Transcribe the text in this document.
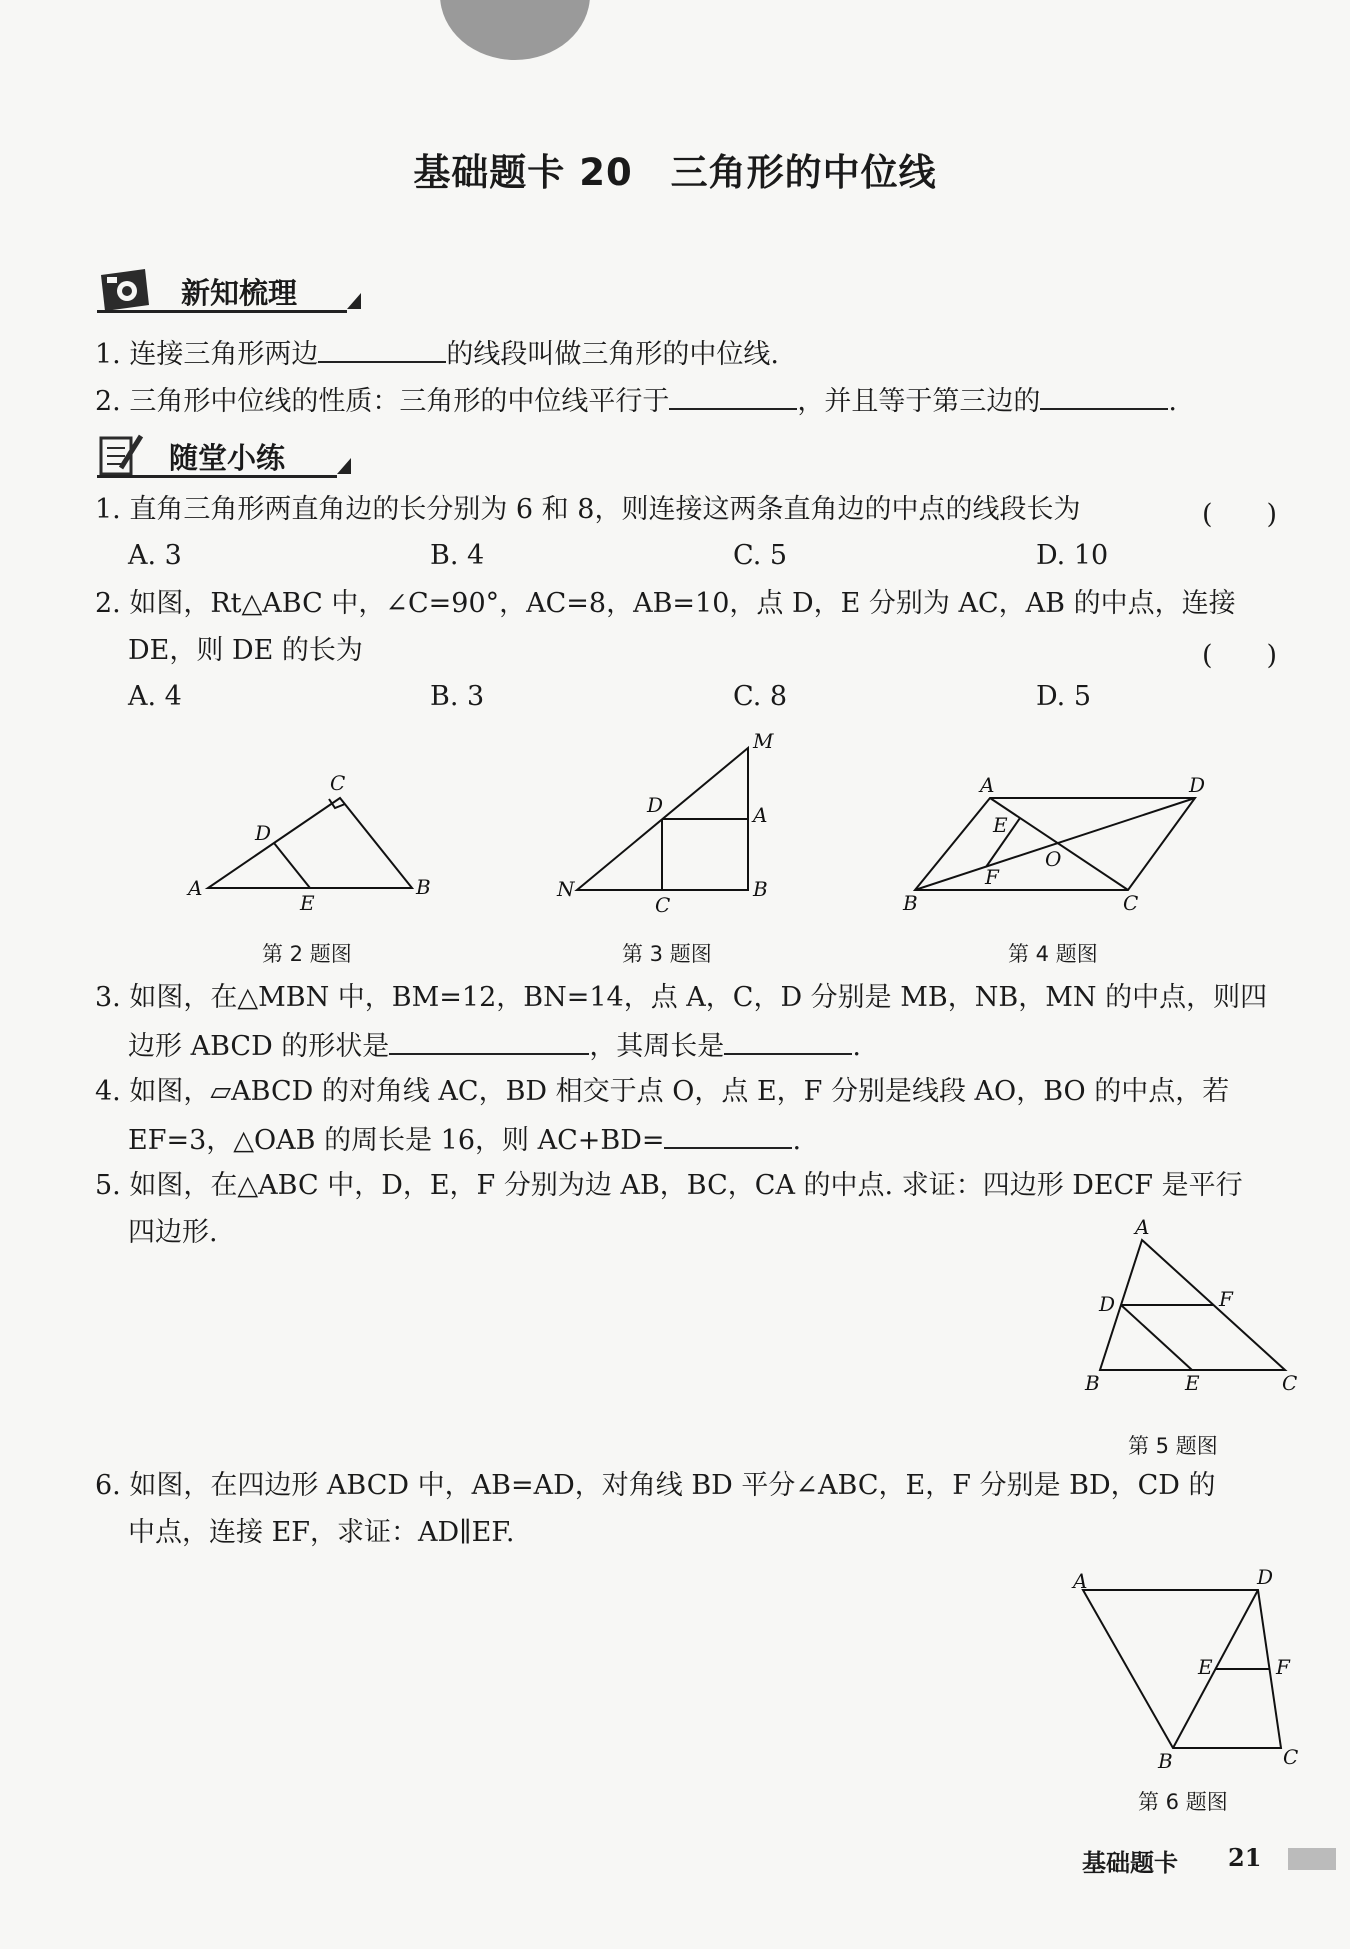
基础题卡 20　三角形的中位线
新知梳理
1. 连接三角形两边	的线段叫做三角形的中位线.
2. 三角形中位线的性质：三角形的中位线平行于	，并且等于第三边的	.
随堂小练
1. 直角三角形两直角边的长分别为 6 和 8，则连接这两条直角边的中点的线段长为	(　　)
A. 3	B. 4	C. 5	D. 10
2. 如图，Rt△ABC 中，∠C=90°，AC=8，AB=10，点 D，E 分别为 AC，AB 的中点，连接
DE，则 DE 的长为	(　　)
A. 4	B. 3	C. 8	D. 5
A	B
C
D
E
第 2 题图
M
D	A
N
C
B
第 3 题图
A	D
E
O
F
B	C
第 4 题图
3. 如图，在△MBN 中，BM=12，BN=14，点 A，C，D 分别是 MB，NB，MN 的中点，则四
边形 ABCD 的形状是	，其周长是	.
4. 如图，▱ABCD 的对角线 AC，BD 相交于点 O，点 E，F 分别是线段 AO，BO 的中点，若
EF=3，△OAB 的周长是 16，则 AC+BD=	.
5. 如图，在△ABC 中，D，E，F 分别为边 AB，BC，CA 的中点. 求证：四边形 DECF 是平行
四边形.	A
D	F
B	E	C
第 5 题图
6. 如图，在四边形 ABCD 中，AB=AD，对角线 BD 平分∠ABC，E，F 分别是 BD，CD 的
中点，连接 EF，求证：AD∥EF.
A	D
E	F
B	C
第 6 题图
基础题卡 21
